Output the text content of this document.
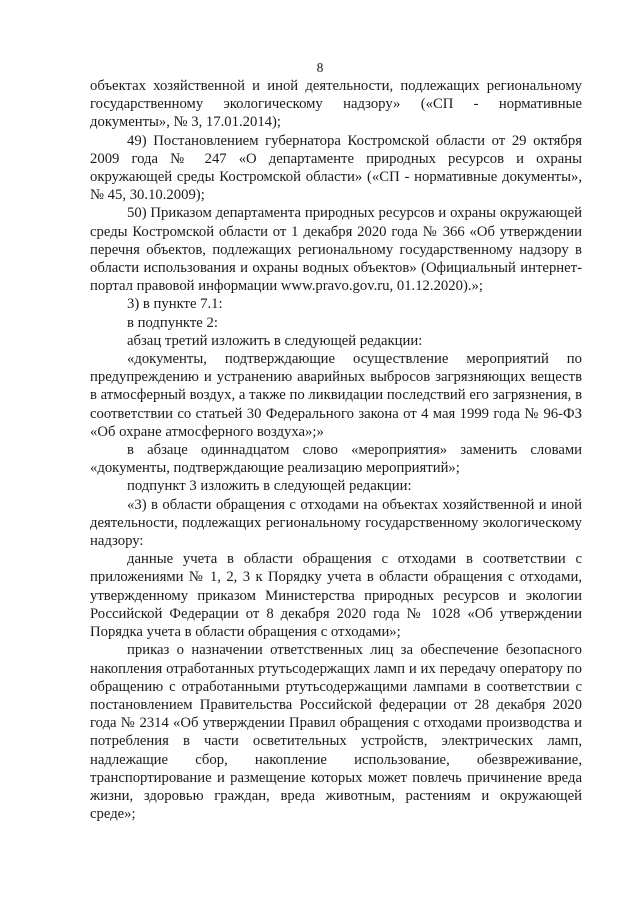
8

объектах хозяйственной и иной деятельности, подлежащих региональному государственному экологическому надзору» («СП - нормативные документы», № 3, 17.01.2014);

49) Постановлением губернатора Костромской области от 29 октября 2009 года № 247 «О департаменте природных ресурсов и охраны окружающей среды Костромской области» («СП - нормативные документы», № 45, 30.10.2009);

50) Приказом департамента природных ресурсов и охраны окружающей среды Костромской области от 1 декабря 2020 года № 366 «Об утверждении перечня объектов, подлежащих региональному государственному надзору в области использования и охраны водных объектов» (Официальный интернет-портал правовой информации www.pravo.gov.ru, 01.12.2020).»;

3) в пункте 7.1:

в подпункте 2:

абзац третий изложить в следующей редакции:

«документы, подтверждающие осуществление мероприятий по предупреждению и устранению аварийных выбросов загрязняющих веществ в атмосферный воздух, а также по ликвидации последствий его загрязнения, в соответствии со статьей 30 Федерального закона от 4 мая 1999 года № 96-ФЗ «Об охране атмосферного воздуха»;»

в абзаце одиннадцатом слово «мероприятия» заменить словами «документы, подтверждающие реализацию мероприятий»;

подпункт 3 изложить в следующей редакции:

«3) в области обращения с отходами на объектах хозяйственной и иной деятельности, подлежащих региональному государственному экологическому надзору:

данные учета в области обращения с отходами в соответствии с приложениями № 1, 2, 3 к Порядку учета в области обращения с отходами, утвержденному приказом Министерства природных ресурсов и экологии Российской Федерации от 8 декабря 2020 года № 1028 «Об утверждении Порядка учета в области обращения с отходами»;

приказ о назначении ответственных лиц за обеспечение безопасного накопления отработанных ртутьсодержащих ламп и их передачу оператору по обращению с отработанными ртутьсодержащими лампами в соответствии с постановлением Правительства Российской федерации от 28 декабря 2020 года № 2314 «Об утверждении Правил обращения с отходами производства и потребления в части осветительных устройств, электрических ламп, надлежащие сбор, накопление использование, обезвреживание, транспортирование и размещение которых может повлечь причинение вреда жизни, здоровью граждан, вреда животным, растениям и окружающей среде»;
